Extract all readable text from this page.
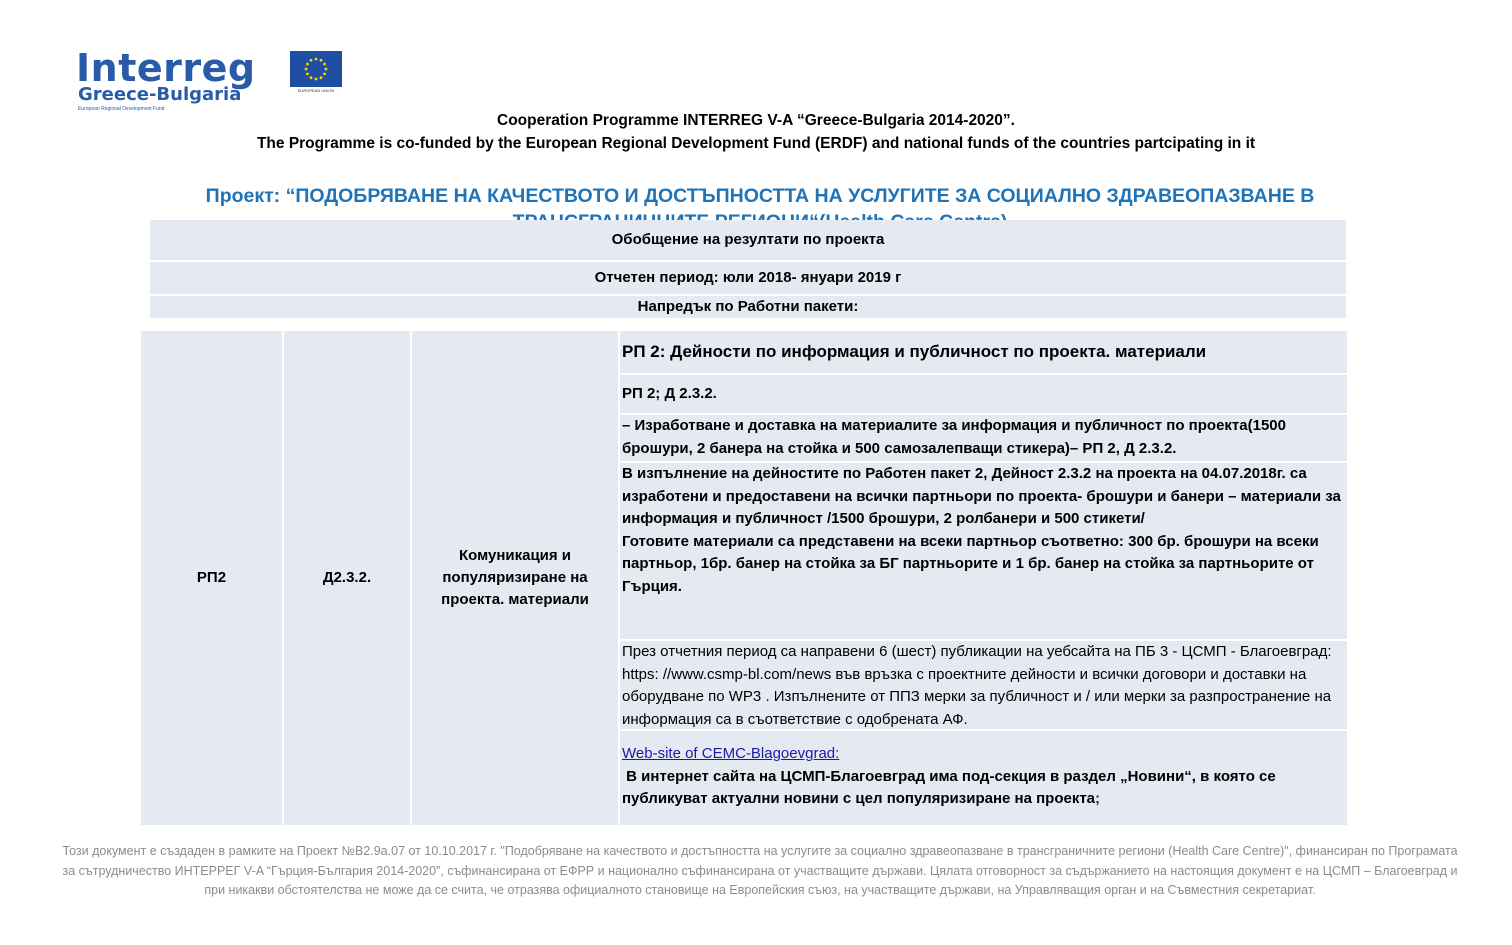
Interreg
Greece-Bulgaria
European Regional Development Fund
EUROPEAN UNION
Cooperation Programme INTERREG V-A “Greece-Bulgaria 2014-2020”.
The Programme is co-funded by the European Regional Development Fund (ERDF) and national funds of the countries partcipating in it
Проект: “ПОДОБРЯВАНЕ НА КАЧЕСТВОТО И ДОСТЪПНОСТТА НА УСЛУГИТЕ ЗА СОЦИАЛНО ЗДРАВЕОПАЗВАНЕ В
Обобщение на резултати по проекта
Отчетен период: юли 2018- януари 2019 г
Напредък по Работни пакети:
РП2	Д2.3.2.
Комуникация и популяризиране на проекта. материали
РП 2: Дейности по информация и публичност по проекта. материали
РП 2; Д 2.3.2.
– Изработване и доставка на материалите за информация и публичност по проекта(1500 брошури, 2 банера на стойка и 500 самозалепващи стикера)– РП 2, Д 2.3.2.
В изпълнение на дейностите по Работен пакет 2, Дейност 2.3.2 на проекта на 04.07.2018г. са изработени и предоставени на всички партньори по проекта- брошури и банери – материали за информация и публичност /1500 брошури, 2 ролбанери и 500 стикети/
Готовите материали са представени на всеки партньор съответно: 300 бр. брошури на всеки партньор, 1бр. банер на стойка за БГ партньорите и 1 бр. банер на стойка за партньорите от Гърция.
През отчетния период са направени 6 (шест) публикации на уебсайта на ПБ 3 - ЦСМП - Благоевград: https: //www.csmp-bl.com/news във връзка с проектните дейности и всички договори и доставки на оборудване по WP3 . Изпълнените от ППЗ мерки за публичност и / или мерки за разпространение на информация са в съответствие с одобрената АФ.
Web-site of CEMC-Blagoevgrad:
В интернет сайта на ЦСМП-Благоевград има под-секция в раздел „Новини“, в която се публикуват актуални новини с цел популяризиране на проекта;
Този документ е създаден в рамките на Проект №B2.9a.07 от 10.10.2017 г. "Подобряване на качеството и достъпността на услугите за социално здравеопазване в трансграничните региони (Health Care Centre)", финансиран по Програмата за сътрудничество ИНТЕРРЕГ V-A “Гърция-България 2014-2020”, съфинансирана от ЕФРР и национално съфинансирана от участващите държави. Цялата отговорност за съдържанието на настоящия документ е на ЦСМП – Благоевград и при никакви обстоятелства не може да се счита, че отразява официалното становище на Европейския съюз, на участващите държави, на Управляващия орган и на Съвместния секретариат.
